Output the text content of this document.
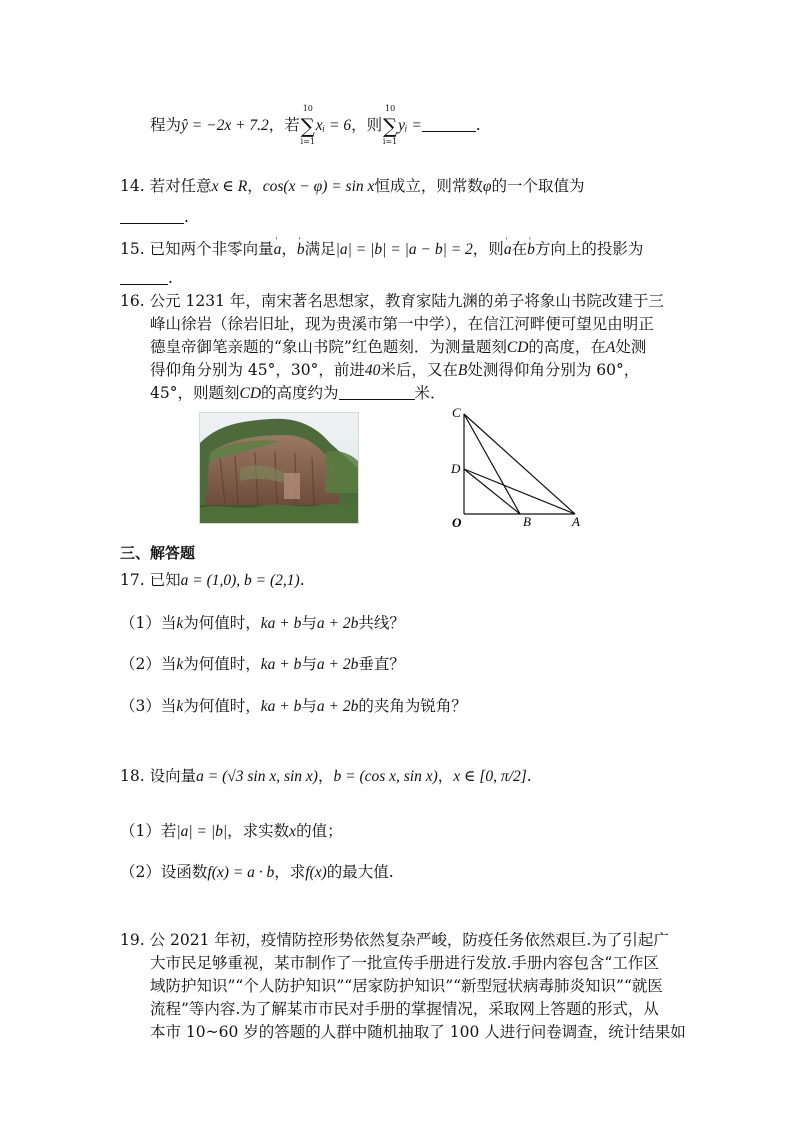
程为ŷ = −2x + 7.2，若∑
10
i=1
xᵢ = 6，则∑
10
i=1
yᵢ =	.
14. 若对任意x ∈ R，cos(x − φ) = sin x恒成立，则常数φ的一个取值为
.
15. 已知两个非零向量' a，' b满足|a| = |b| = |a − b| = 2，则' a在' b方向上的投影为
.
16. 公元 1231 年，南宋著名思想家，教育家陆九渊的弟子将象山书院改建于三
峰山徐岩（徐岩旧址，现为贵溪市第一中学），在信江河畔便可望见由明正
德皇帝御笔亲题的“象山书院”红色题刻．为测量题刻CD的高度，在A处测
得仰角分别为 45°，30°，前进40米后，又在B处测得仰角分别为 60°，
45°，则题刻CD的高度约为	米．
C
D
O	B	A
三、解答题
17. 已知a = (1,0), b = (2,1).
（1）当k为何值时，ka + b与a + 2b共线？
（2）当k为何值时，ka + b与a + 2b垂直？
（3）当k为何值时，ka + b与a + 2b的夹角为锐角？
18. 设向量a = (√3 sin x, sin x)，b = (cos x, sin x)，x ∈ [0, π/2].
（1）若|a| = |b|，求实数x的值；
（2）设函数f(x) = a · b，求f(x)的最大值.
19. 公 2021 年初，疫情防控形势依然复杂严峻，防疫任务依然艰巨.为了引起广
大市民足够重视，某市制作了一批宣传手册进行发放.手册内容包含“工作区
域防护知识”“个人防护知识”“居家防护知识”“新型冠状病毒肺炎知识”“就医
流程”等内容.为了解某市市民对手册的掌握情况，采取网上答题的形式，从
本市 10~60 岁的答题的人群中随机抽取了 100 人进行问卷调查，统计结果如
